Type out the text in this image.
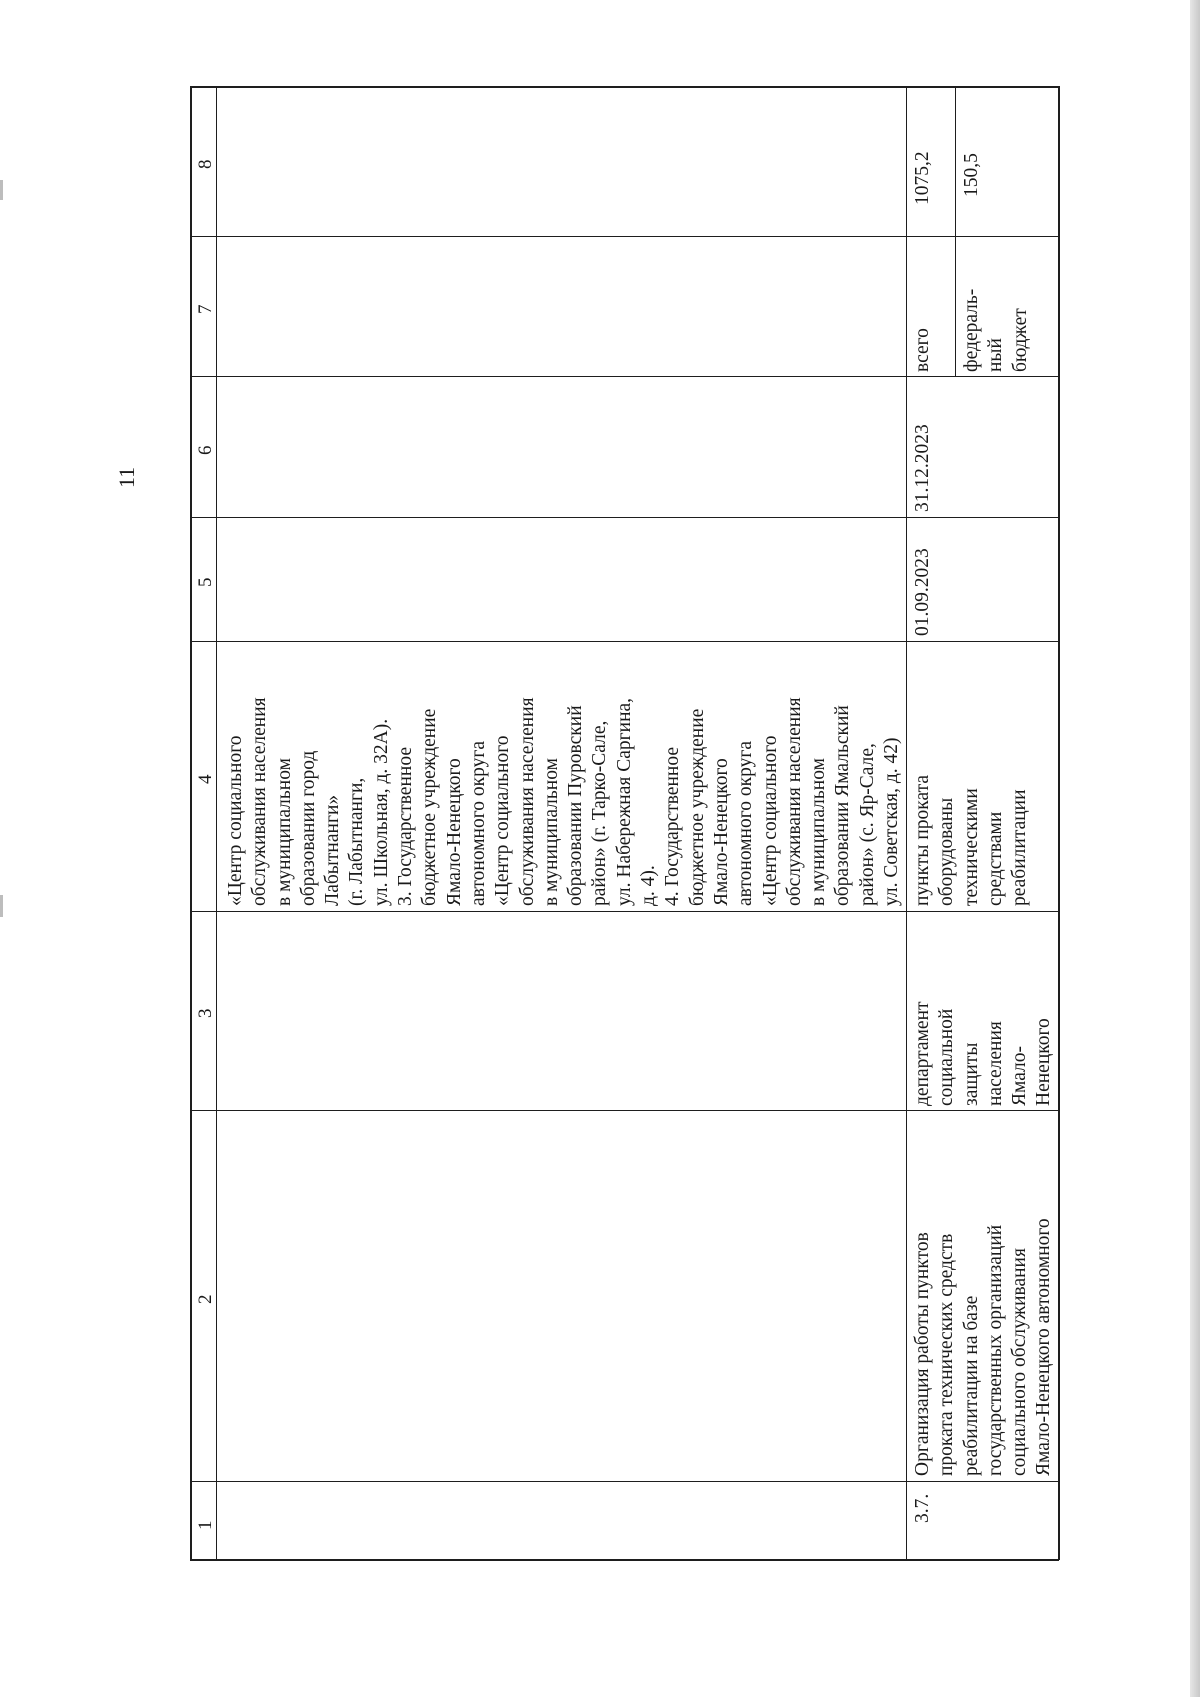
11
1
2
3
4
5
6
7
8
«Центр социального
обслуживания населения
в муниципальном
образовании город
Лабытнанги»
(г. Лабытнанги,
ул. Школьная, д. 32А).
3. Государственное
бюджетное учреждение
Ямало-Ненецкого
автономного округа
«Центр социального
обслуживания населения
в муниципальном
образовании Пуровский
район» (г. Тарко-Сале,
ул. Набережная Саргина,
д. 4).
4. Государственное
бюджетное учреждение
Ямало-Ненецкого
автономного округа
«Центр социального
обслуживания населения
в муниципальном
образовании Ямальский
район» (с. Яр-Сале,
ул. Советская, д. 42)
3.7.
Организация работы пунктов
проката технических средств
реабилитации на базе
государственных организаций
социального обслуживания
Ямало-Ненецкого автономного
департамент
социальной
защиты
населения
Ямало-
Ненецкого
пункты проката
оборудованы
техническими
средствами
реабилитации
01.09.2023
31.12.2023
всего
1075,2
федераль-
ный
бюджет
150,5
